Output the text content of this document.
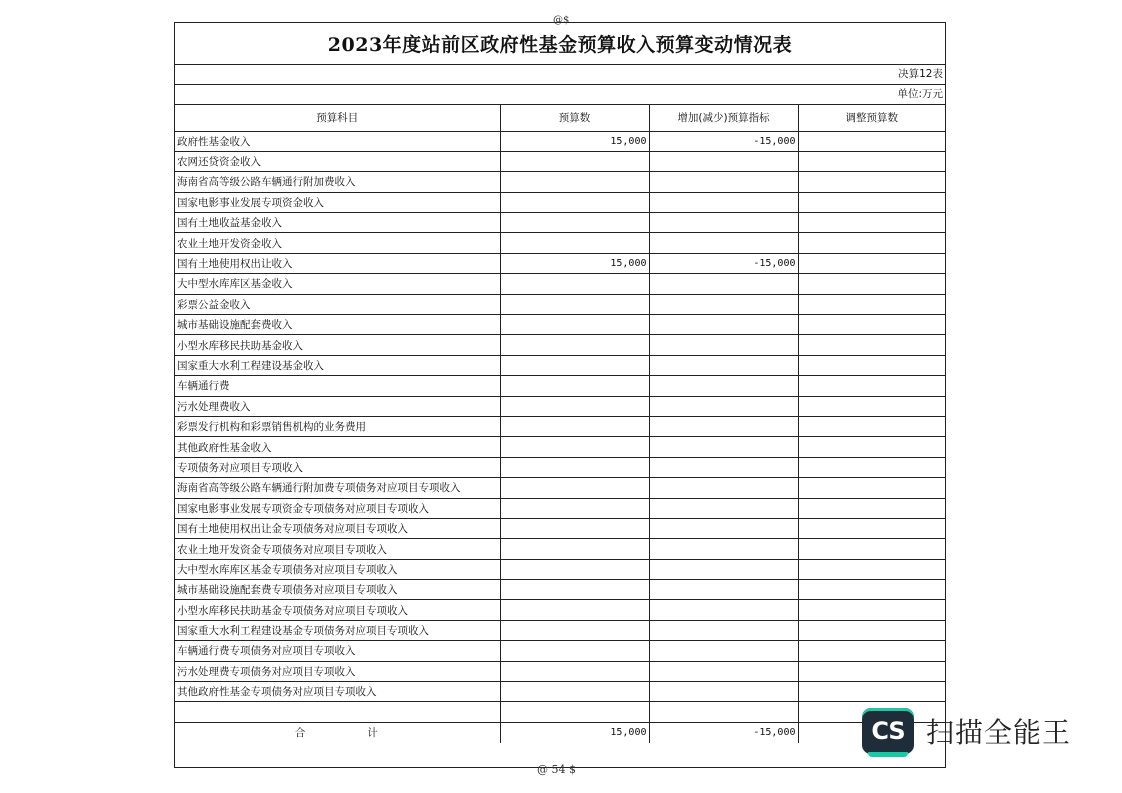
@$
2023年度站前区政府性基金预算收入预算变动情况表
决算12表
单位:万元
预算科目	预算数	增加(减少)预算指标	调整预算数
政府性基金收入	15,000	-15,000	
农网还贷资金收入			
海南省高等级公路车辆通行附加费收入			
国家电影事业发展专项资金收入			
国有土地收益基金收入			
农业土地开发资金收入			
国有土地使用权出让收入	15,000	-15,000	
大中型水库库区基金收入			
彩票公益金收入			
城市基础设施配套费收入			
小型水库移民扶助基金收入			
国家重大水利工程建设基金收入			
车辆通行费			
污水处理费收入			
彩票发行机构和彩票销售机构的业务费用			
其他政府性基金收入			
专项债务对应项目专项收入			
海南省高等级公路车辆通行附加费专项债务对应项目专项收入			
国家电影事业发展专项资金专项债务对应项目专项收入			
国有土地使用权出让金专项债务对应项目专项收入			
农业土地开发资金专项债务对应项目专项收入			
大中型水库库区基金专项债务对应项目专项收入			
城市基础设施配套费专项债务对应项目专项收入			
小型水库移民扶助基金专项债务对应项目专项收入			
国家重大水利工程建设基金专项债务对应项目专项收入			
车辆通行费专项债务对应项目专项收入			
污水处理费专项债务对应项目专项收入			
其他政府性基金专项债务对应项目专项收入			

合 计	15,000	-15,000	
@ 54 $
CS 扫描全能王
